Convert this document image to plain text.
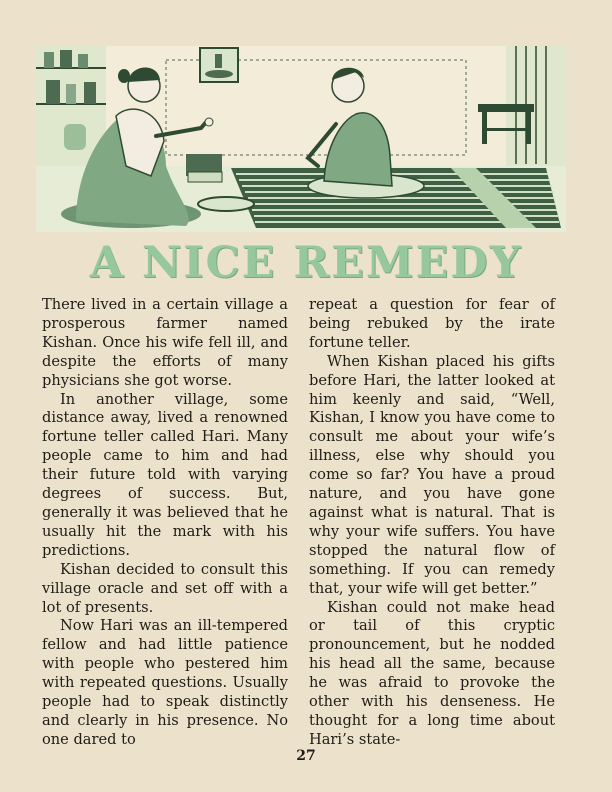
A NICE REMEDY

There lived in a certain village a prosperous farmer named Kishan. Once his wife fell ill, and despite the efforts of many physicians she got worse.

In another village, some distance away, lived a renowned fortune teller called Hari. Many people came to him and had their future told with varying degrees of success. But, generally it was believed that he usually hit the mark with his predictions.

Kishan decided to consult this village oracle and set off with a lot of presents.

Now Hari was an ill-tempered fellow and had little patience with people who pestered him with repeated questions. Usually people had to speak distinctly and clearly in his presence. No one dared to

repeat a question for fear of being rebuked by the irate fortune teller.

When Kishan placed his gifts before Hari, the latter looked at him keenly and said, “Well, Kishan, I know you have come to consult me about your wife’s illness, else why should you come so far? You have a proud nature, and you have gone against what is natural. That is why your wife suffers. You have stopped the natural flow of something. If you can remedy that, your wife will get better.”

Kishan could not make head or tail of this cryptic pronouncement, but he nodded his head all the same, because he was afraid to provoke the other with his denseness. He thought for a long time about Hari’s state-

27
